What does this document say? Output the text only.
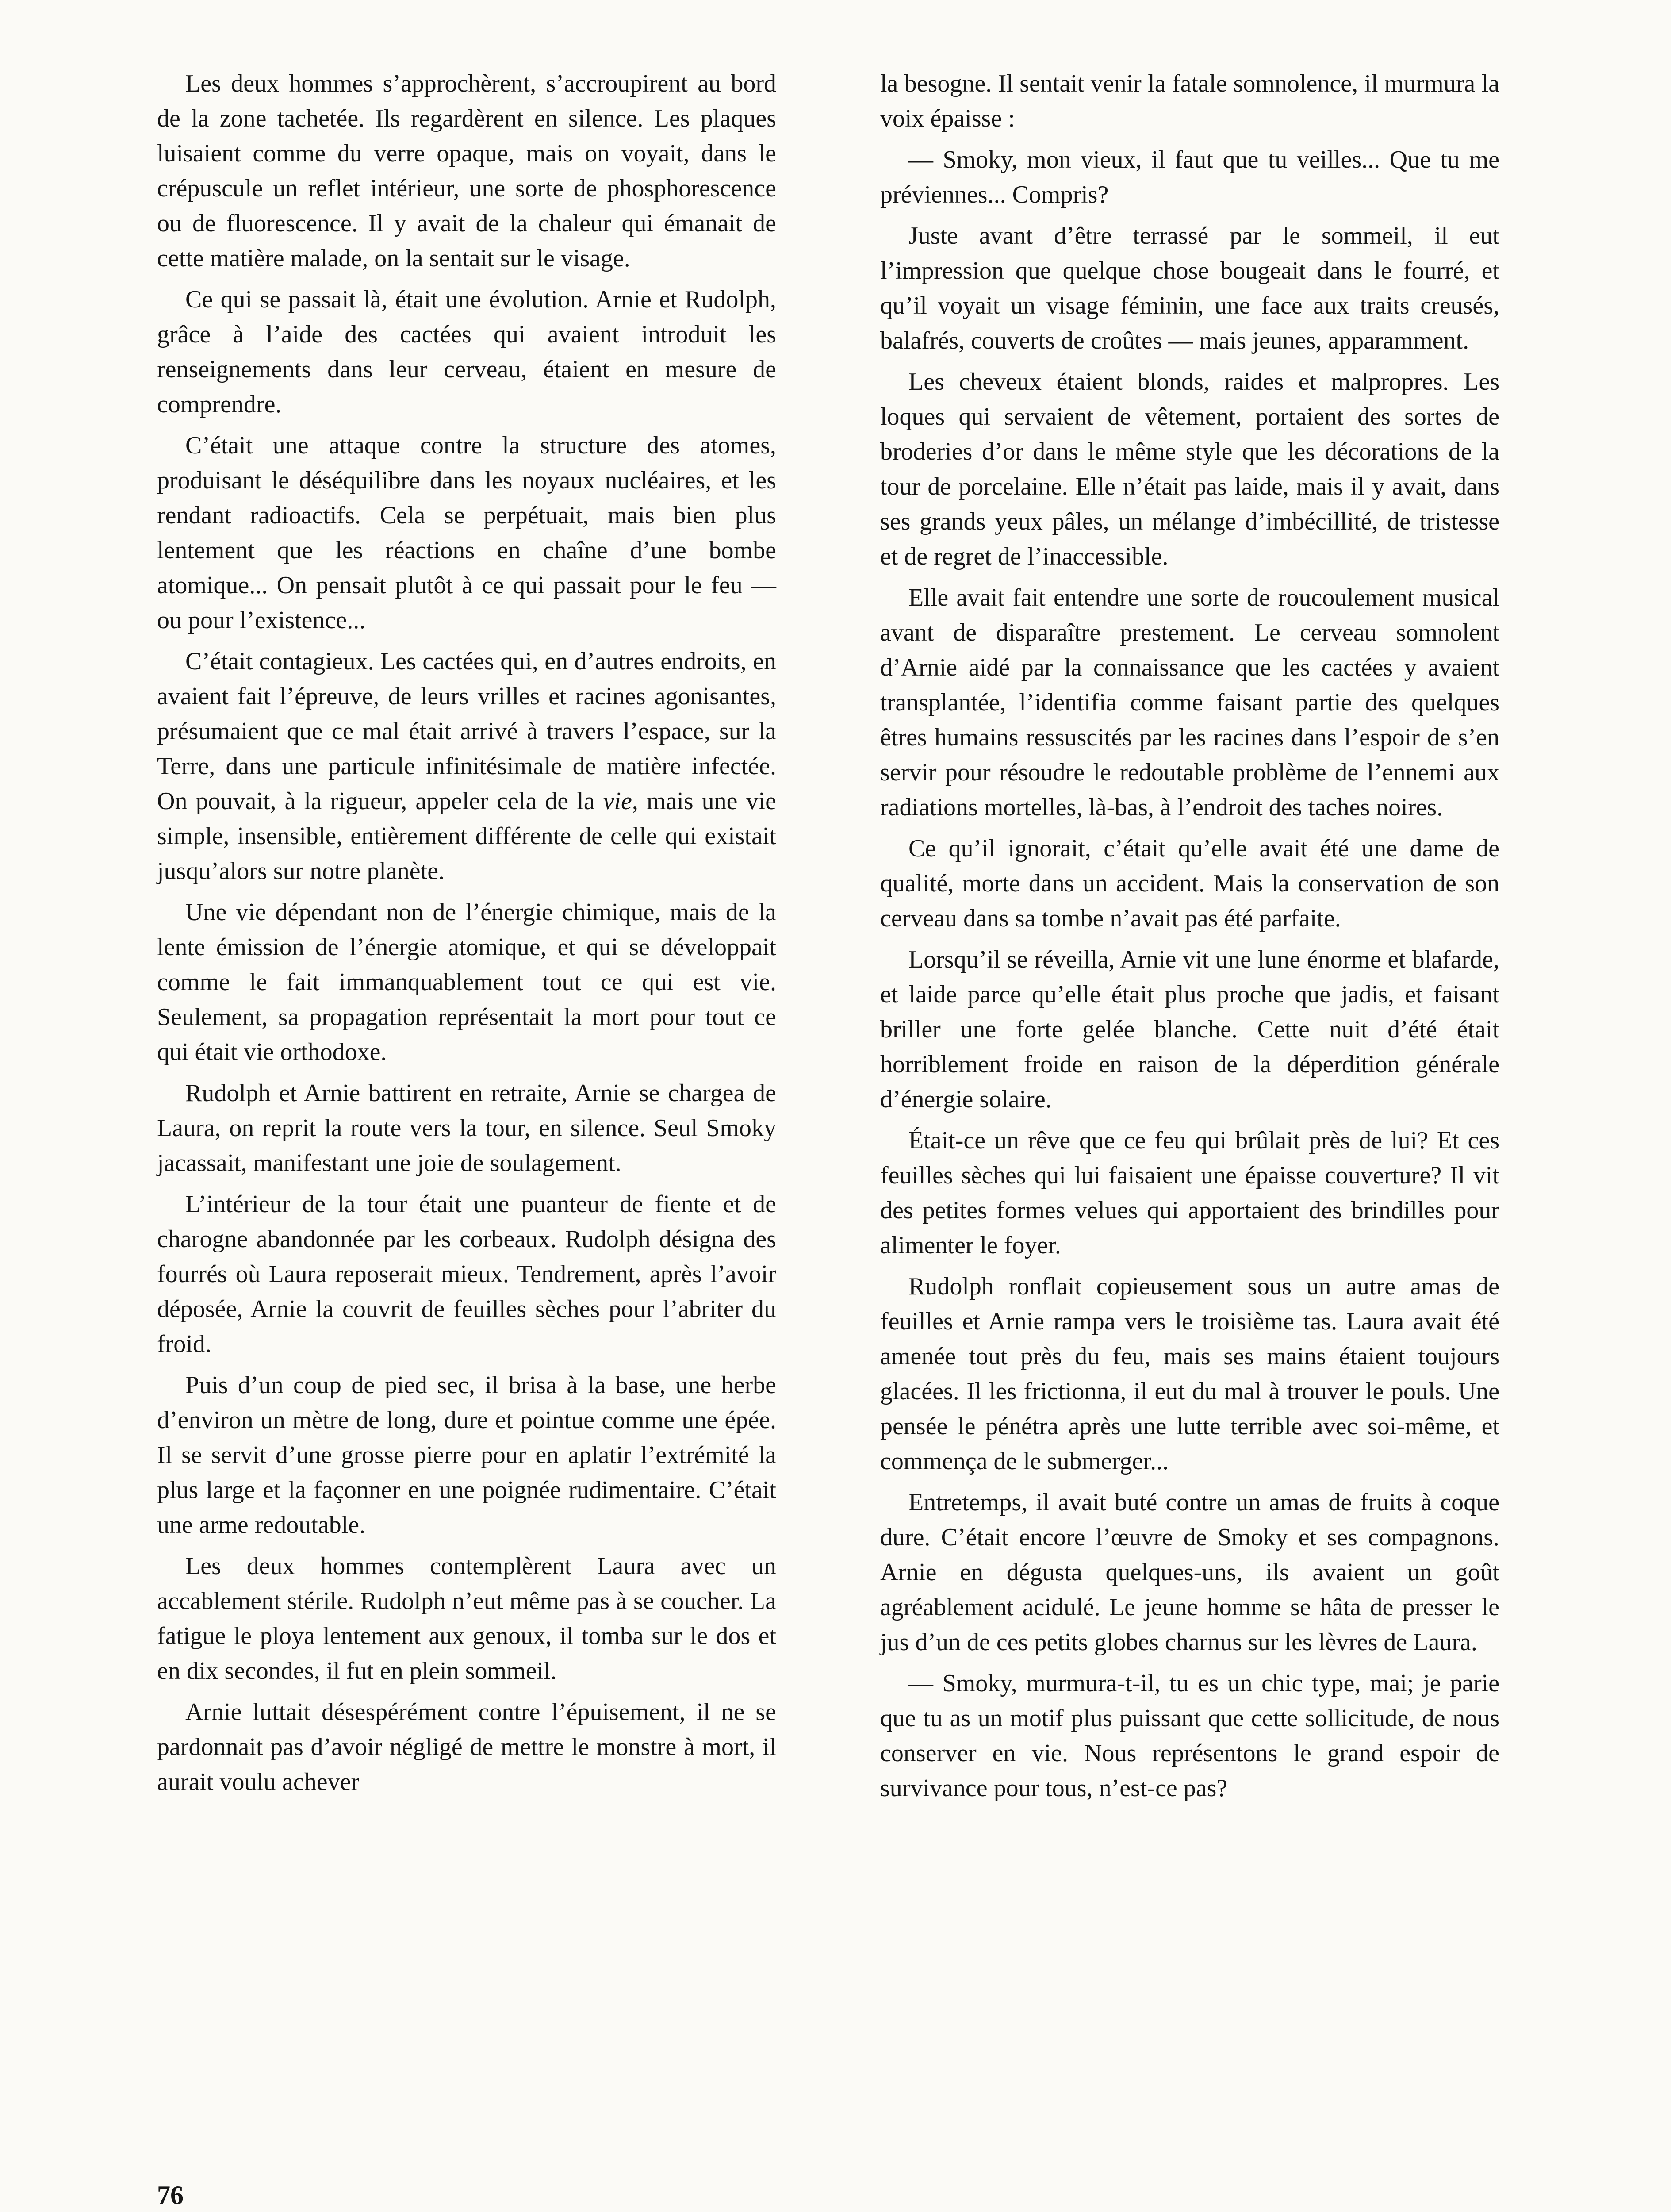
Les deux hommes s’approchèrent, s’accroupirent au bord de la zone tachetée. Ils regardèrent en silence. Les plaques luisaient comme du verre opaque, mais on voyait, dans le crépuscule un reflet intérieur, une sorte de phosphorescence ou de fluorescence. Il y avait de la chaleur qui émanait de cette matière malade, on la sentait sur le visage.

Ce qui se passait là, était une évolution. Arnie et Rudolph, grâce à l’aide des cactées qui avaient introduit les renseignements dans leur cerveau, étaient en mesure de comprendre.

C’était une attaque contre la structure des atomes, produisant le déséquilibre dans les noyaux nucléaires, et les rendant radioactifs. Cela se perpétuait, mais bien plus lentement que les réactions en chaîne d’une bombe atomique... On pensait plutôt à ce qui passait pour le feu — ou pour l’existence...

C’était contagieux. Les cactées qui, en d’autres endroits, en avaient fait l’épreuve, de leurs vrilles et racines agonisantes, présumaient que ce mal était arrivé à travers l’espace, sur la Terre, dans une particule infinitésimale de matière infectée. On pouvait, à la rigueur, appeler cela de la vie, mais une vie simple, insensible, entièrement différente de celle qui existait jusqu’alors sur notre planète.

Une vie dépendant non de l’énergie chimique, mais de la lente émission de l’énergie atomique, et qui se développait comme le fait immanquablement tout ce qui est vie. Seulement, sa propagation représentait la mort pour tout ce qui était vie orthodoxe.

Rudolph et Arnie battirent en retraite, Arnie se chargea de Laura, on reprit la route vers la tour, en silence. Seul Smoky jacassait, manifestant une joie de soulagement.

L’intérieur de la tour était une puanteur de fiente et de charogne abandonnée par les corbeaux. Rudolph désigna des fourrés où Laura reposerait mieux. Tendrement, après l’avoir déposée, Arnie la couvrit de feuilles sèches pour l’abriter du froid.

Puis d’un coup de pied sec, il brisa à la base, une herbe d’environ un mètre de long, dure et pointue comme une épée. Il se servit d’une grosse pierre pour en aplatir l’extrémité la plus large et la façonner en une poignée rudimentaire. C’était une arme redoutable.

Les deux hommes contemplèrent Laura avec un accablement stérile. Rudolph n’eut même pas à se coucher. La fatigue le ploya lentement aux genoux, il tomba sur le dos et en dix secondes, il fut en plein sommeil.

Arnie luttait désespérément contre l’épuisement, il ne se pardonnait pas d’avoir négligé de mettre le monstre à mort, il aurait voulu achever

la besogne. Il sentait venir la fatale somnolence, il murmura la voix épaisse :

— Smoky, mon vieux, il faut que tu veilles... Que tu me préviennes... Compris?

Juste avant d’être terrassé par le sommeil, il eut l’impression que quelque chose bougeait dans le fourré, et qu’il voyait un visage féminin, une face aux traits creusés, balafrés, couverts de croûtes — mais jeunes, apparamment.

Les cheveux étaient blonds, raides et malpropres. Les loques qui servaient de vêtement, portaient des sortes de broderies d’or dans le même style que les décorations de la tour de porcelaine. Elle n’était pas laide, mais il y avait, dans ses grands yeux pâles, un mélange d’imbécillité, de tristesse et de regret de l’inaccessible.

Elle avait fait entendre une sorte de roucoulement musical avant de disparaître prestement. Le cerveau somnolent d’Arnie aidé par la connaissance que les cactées y avaient transplantée, l’identifia comme faisant partie des quelques êtres humains ressuscités par les racines dans l’espoir de s’en servir pour résoudre le redoutable problème de l’ennemi aux radiations mortelles, là-bas, à l’endroit des taches noires.

Ce qu’il ignorait, c’était qu’elle avait été une dame de qualité, morte dans un accident. Mais la conservation de son cerveau dans sa tombe n’avait pas été parfaite.

Lorsqu’il se réveilla, Arnie vit une lune énorme et blafarde, et laide parce qu’elle était plus proche que jadis, et faisant briller une forte gelée blanche. Cette nuit d’été était horriblement froide en raison de la déperdition générale d’énergie solaire.

Était-ce un rêve que ce feu qui brûlait près de lui? Et ces feuilles sèches qui lui faisaient une épaisse couverture? Il vit des petites formes velues qui apportaient des brindilles pour alimenter le foyer.

Rudolph ronflait copieusement sous un autre amas de feuilles et Arnie rampa vers le troisième tas. Laura avait été amenée tout près du feu, mais ses mains étaient toujours glacées. Il les frictionna, il eut du mal à trouver le pouls. Une pensée le pénétra après une lutte terrible avec soi-même, et commença de le submerger...

Entretemps, il avait buté contre un amas de fruits à coque dure. C’était encore l’œuvre de Smoky et ses compagnons. Arnie en dégusta quelques-uns, ils avaient un goût agréablement acidulé. Le jeune homme se hâta de presser le jus d’un de ces petits globes charnus sur les lèvres de Laura.

— Smoky, murmura-t-il, tu es un chic type, mai; je parie que tu as un motif plus puissant que cette sollicitude, de nous conserver en vie. Nous représentons le grand espoir de survivance pour tous, n’est-ce pas?

76
